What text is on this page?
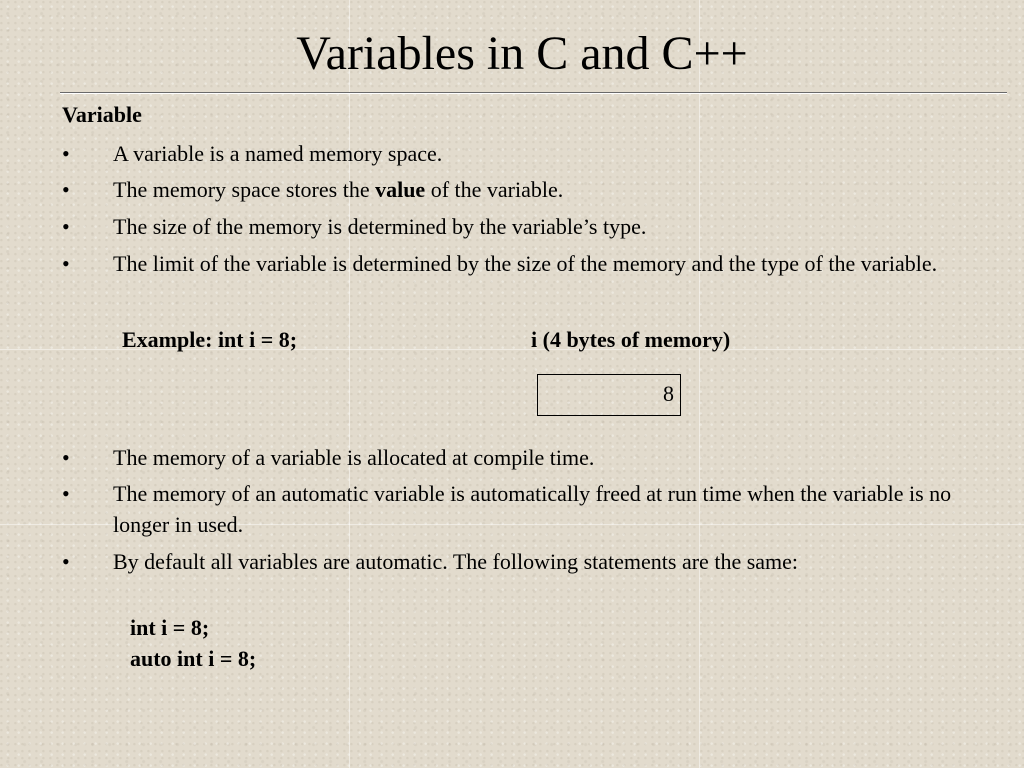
Variables in C and C++
Variable
• A variable is a named memory space.
• The memory space stores the value of the variable.
• The size of the memory is determined by the variable’s type.
• The limit of the variable is determined by the size of the memory and the type of the variable.
Example: int i = 8;	i (4 bytes of memory)
8
• The memory of a variable is allocated at compile time.
• The memory of an automatic variable is automatically freed at run time when the variable is no longer in used.
• By default all variables are automatic. The following statements are the same:
int i = 8;
auto int i = 8;
